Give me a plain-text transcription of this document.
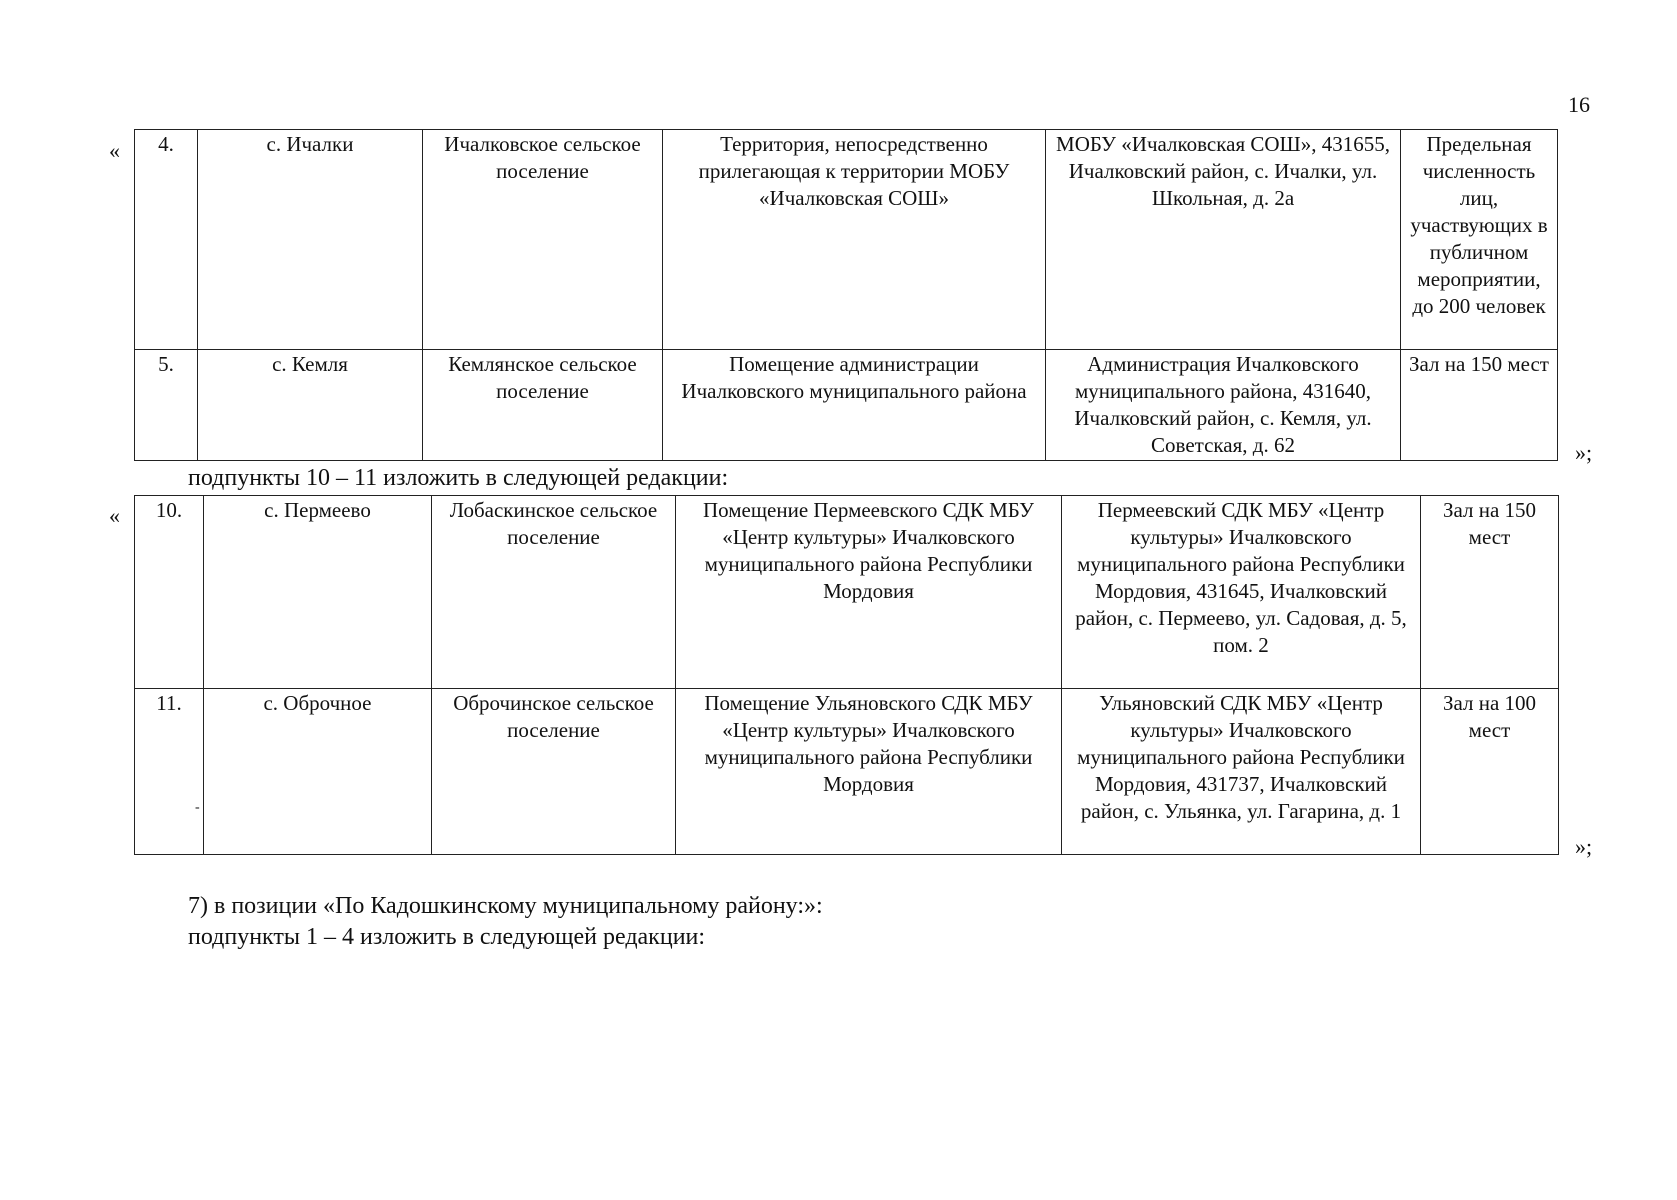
16
« 4.	с. Ичалки	Ичалковское сельское поселение	Территория, непосредственно прилегающая к территории МОБУ «Ичалковская СОШ»	МОБУ «Ичалковская СОШ», 431655, Ичалковский район, с. Ичалки, ул. Школьная, д. 2а	Предельная численность лиц, участвующих в публичном мероприятии, до 200 человек
5.	с. Кемля	Кемлянское сельское поселение	Помещение администрации Ичалковского муниципального района	Администрация Ичалковского муниципального района, 431640, Ичалковский район, с. Кемля, ул. Советская, д. 62	Зал на 150 мест
»;
подпункты 10 – 11 изложить в следующей редакции:
« 10.	с. Пермеево	Лобаскинское сельское поселение	Помещение Пермеевского СДК МБУ «Центр культуры» Ичалковского муниципального района Республики Мордовия	Пермеевский СДК МБУ «Центр культуры» Ичалковского муниципального района Республики Мордовия, 431645, Ичалковский район, с. Пермеево, ул. Садовая, д. 5, пом. 2	Зал на 150 мест
11.	с. Оброчное	Оброчинское сельское поселение	Помещение Ульяновского СДК МБУ «Центр культуры» Ичалковского муниципального района Республики Мордовия	Ульяновский СДК МБУ «Центр культуры» Ичалковского муниципального района Республики Мордовия, 431737, Ичалковский район, с. Ульянка, ул. Гагарина, д. 1	Зал на 100 мест
-
»;
7) в позиции «По Кадошкинскому муниципальному району:»:
подпункты 1 – 4 изложить в следующей редакции:
